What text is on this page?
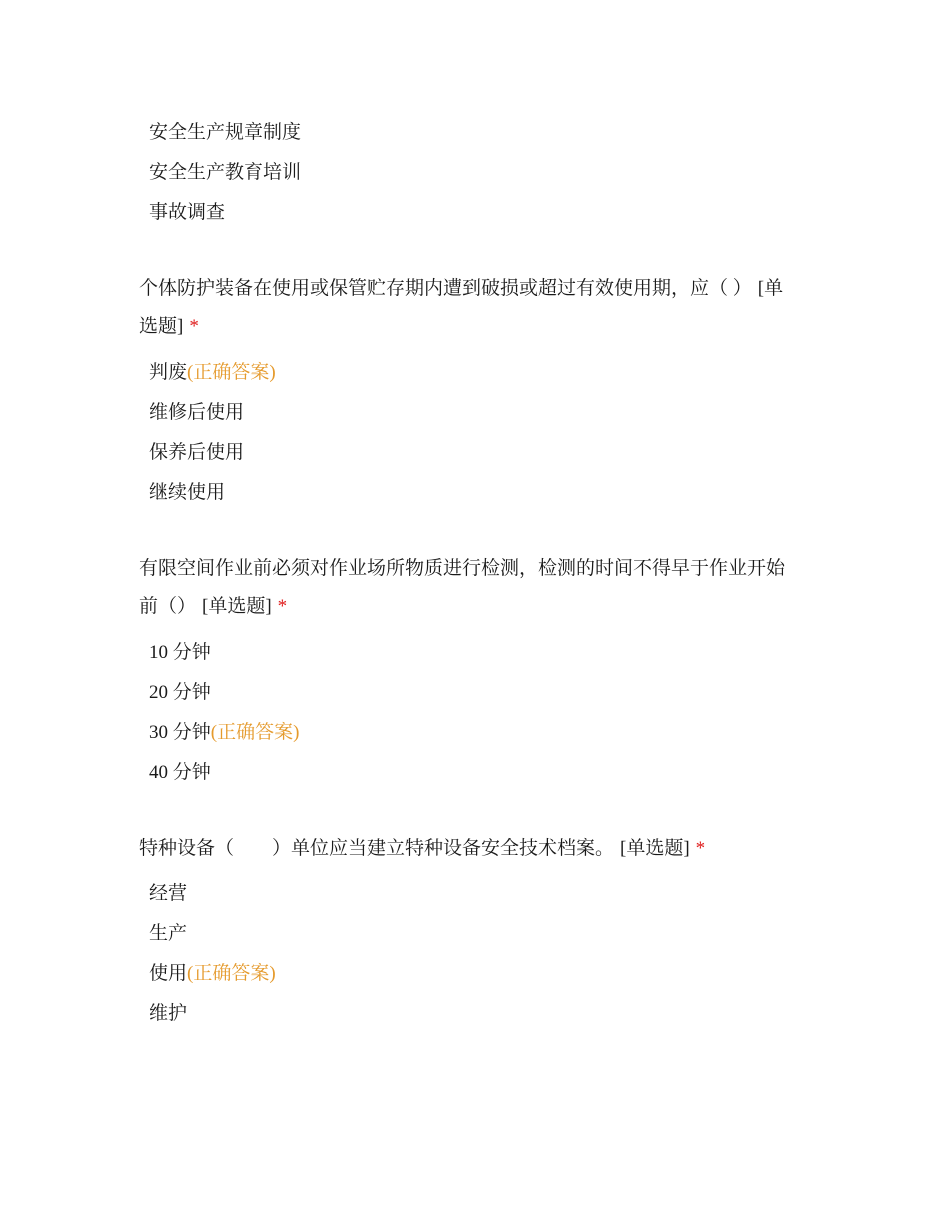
安全生产规章制度
安全生产教育培训
事故调查
个体防护装备在使用或保管贮存期内遭到破损或超过有效使用期，应（ ） [单选题] *
判废(正确答案)
维修后使用
保养后使用
继续使用
有限空间作业前必须对作业场所物质进行检测，检测的时间不得早于作业开始前（） [单选题] *
10 分钟
20 分钟
30 分钟(正确答案)
40 分钟
特种设备（　　）单位应当建立特种设备安全技术档案。 [单选题] *
经营
生产
使用(正确答案)
维护
